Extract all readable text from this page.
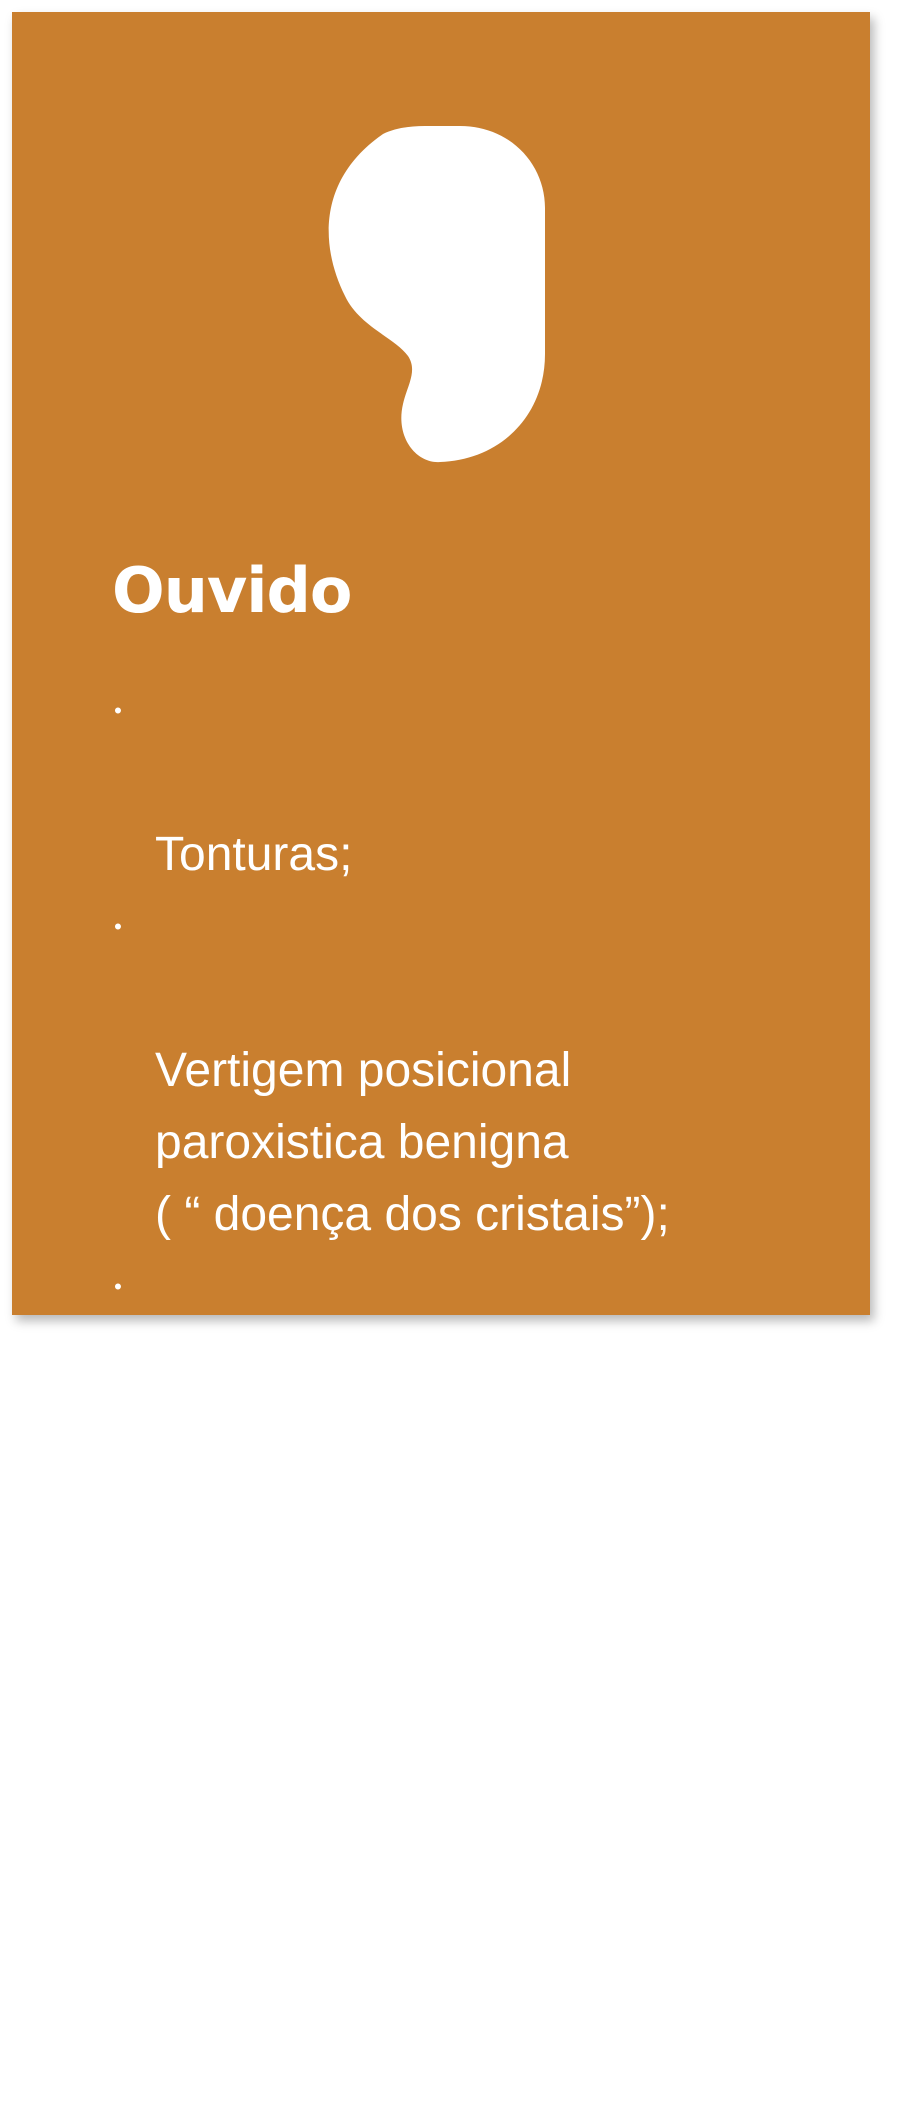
Ouvido

•

Tonturas;

•

Vertigem posicional
paroxistica benigna
( “ doença dos cristais”);

•

Desequilíbrio;

•

Neurite vestibular;

•

Perdas auditivas;

•

Zumbido.
